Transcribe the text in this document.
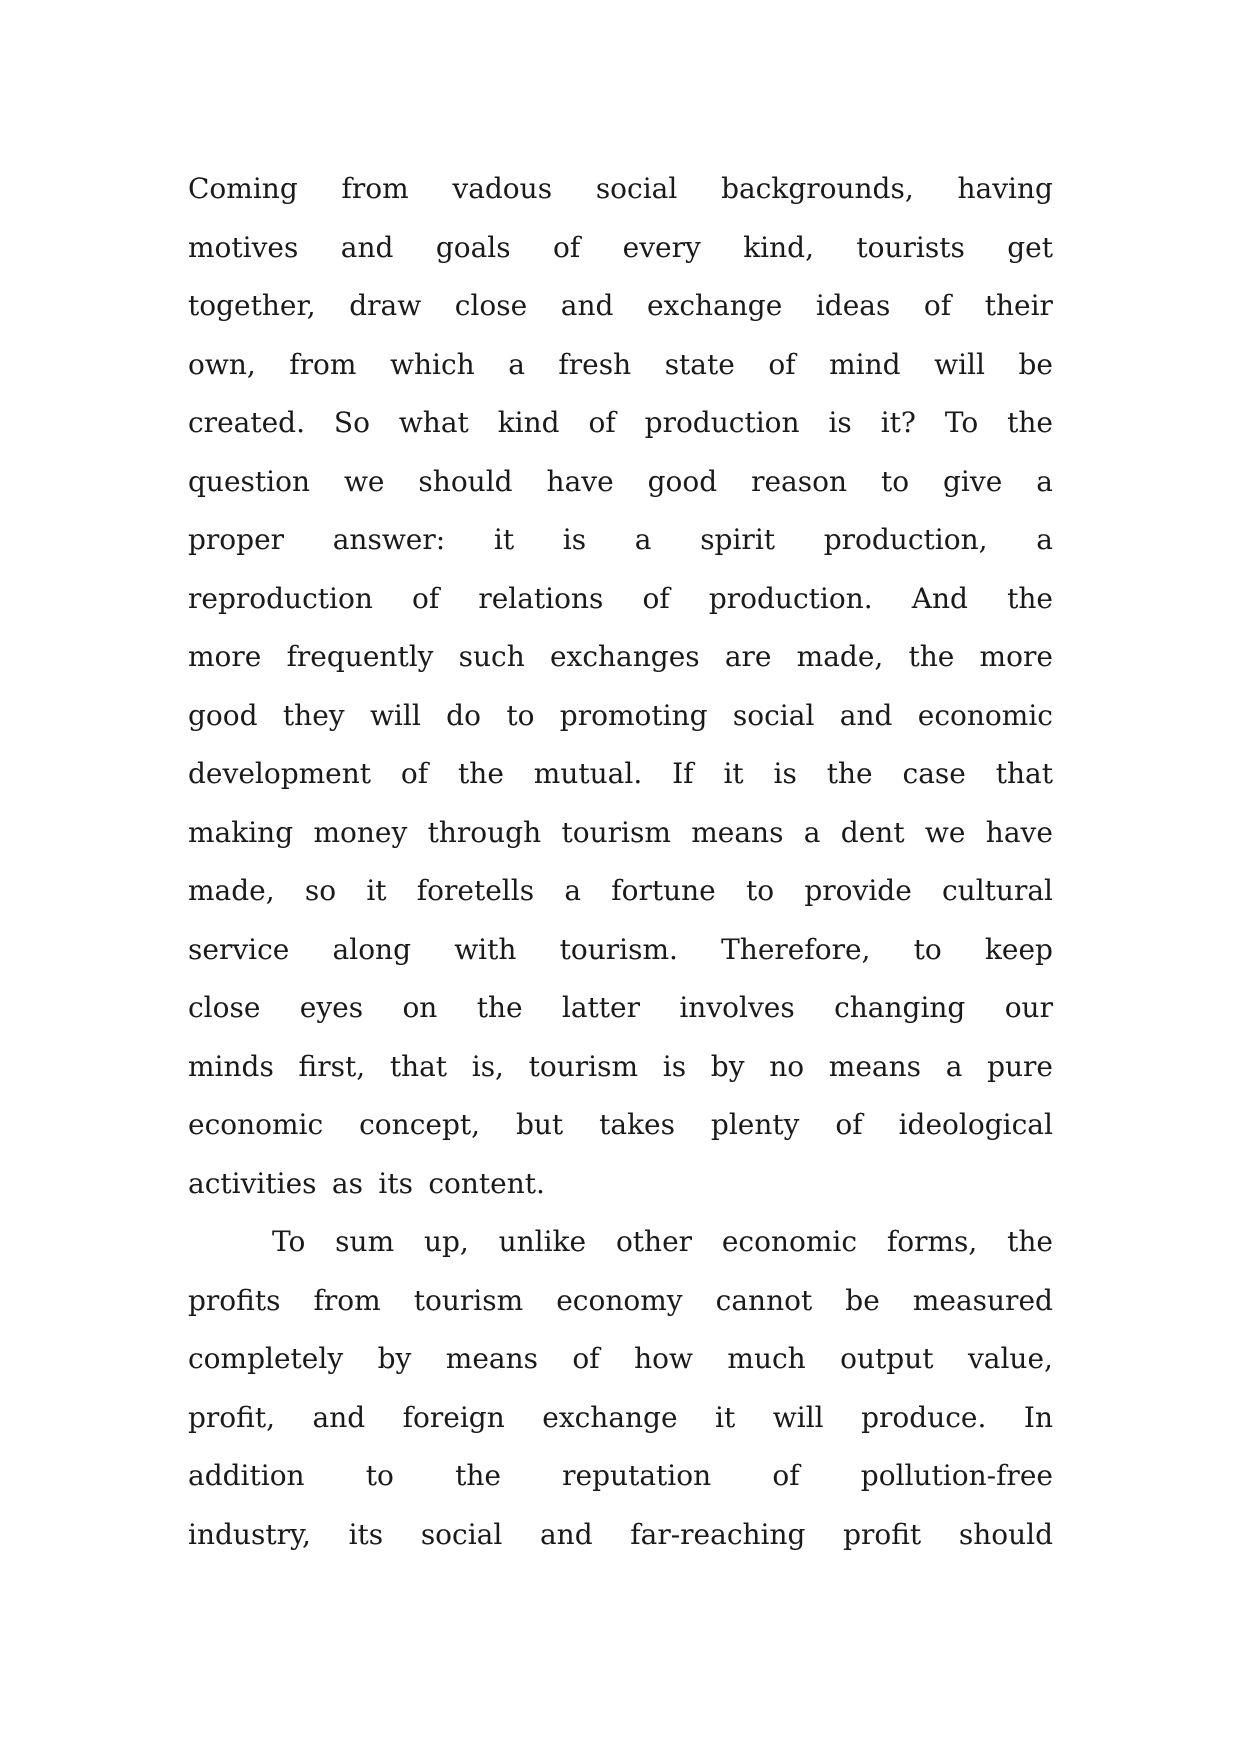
Coming from vadous social backgrounds, having
motives and goals of every kind, tourists get
together, draw close and exchange ideas of their
own, from which a fresh state of mind will be
created. So what kind of production is it? To the
question we should have good reason to give a
proper answer: it is a spirit production, a
reproduction of relations of production. And the
more frequently such exchanges are made, the more
good they will do to promoting social and economic
development of the mutual. If it is the case that
making money through tourism means a dent we have
made, so it foretells a fortune to provide cultural
service along with tourism. Therefore, to keep
close eyes on the latter involves changing our
minds first, that is, tourism is by no means a pure
economic concept, but takes plenty of ideological
activities as its content.
To sum up, unlike other economic forms, the
profits from tourism economy cannot be measured
completely by means of how much output value,
profit, and foreign exchange it will produce. In
addition to the reputation of pollution-free
industry, its social and far-reaching profit should
